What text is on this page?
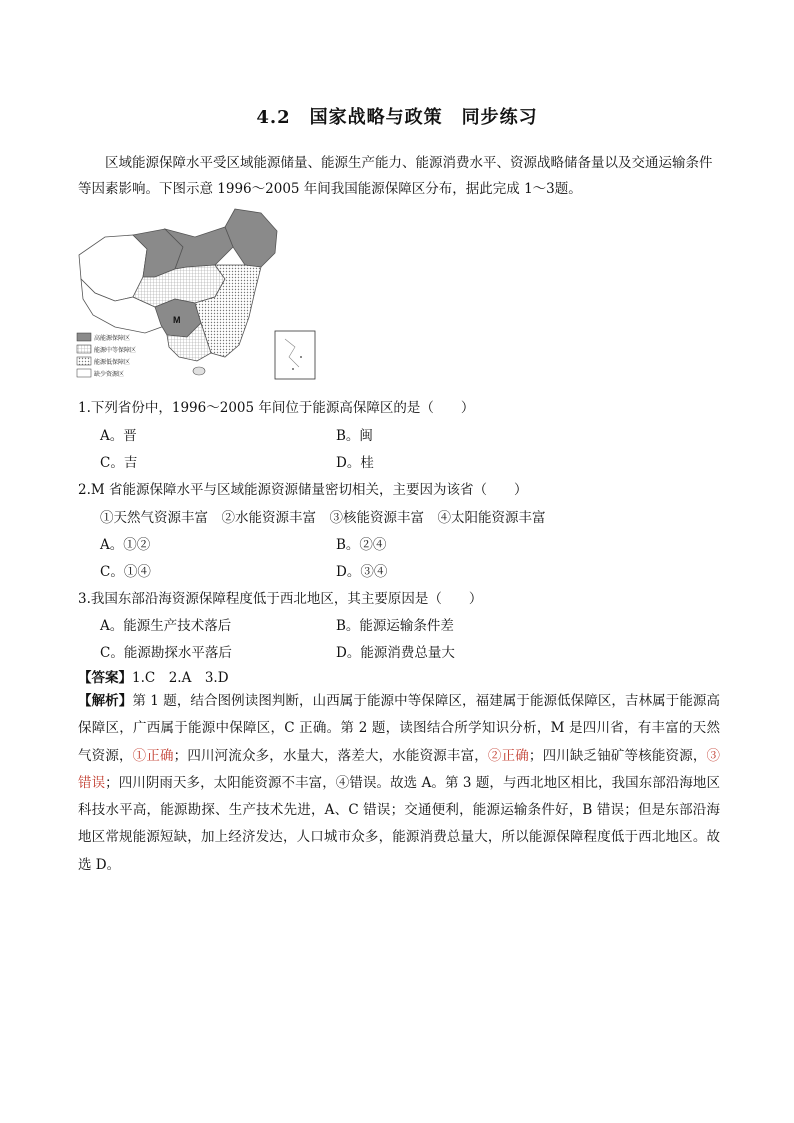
4.2　国家战略与政策　同步练习
区域能源保障水平受区域能源储量、能源生产能力、能源消费水平、资源战略储备量以及交通运输条件等因素影响。下图示意 1996～2005 年间我国能源保障区分布，据此完成 1～3题。
M
高能源保障区
能源中等保障区
能源低保障区
缺少资源区
1.下列省份中，1996～2005 年间位于能源高保障区的是（　　）
A。晋	B。闽
C。吉	D。桂
2.M 省能源保障水平与区域能源资源储量密切相关，主要因为该省（　　）
①天然气资源丰富　②水能资源丰富　③核能资源丰富　④太阳能资源丰富
A。①②	B。②④
C。①④	D。③④
3.我国东部沿海资源保障程度低于西北地区，其主要原因是（　　）
A。能源生产技术落后	B。能源运输条件差
C。能源勘探水平落后	D。能源消费总量大
【答案】1.C　2.A　3.D
【解析】第 1 题，结合图例读图判断，山西属于能源中等保障区，福建属于能源低保障区，吉林属于能源高保障区，广西属于能源中保障区，C 正确。第 2 题，读图结合所学知识分析，M 是四川省，有丰富的天然气资源，①正确；四川河流众多，水量大，落差大，水能资源丰富，②正确；四川缺乏铀矿等核能资源，③错误；四川阴雨天多，太阳能资源不丰富，④错误。故选 A。第 3 题，与西北地区相比，我国东部沿海地区科技水平高，能源勘探、生产技术先进，A、C 错误；交通便利，能源运输条件好，B 错误；但是东部沿海地区常规能源短缺，加上经济发达，人口城市众多，能源消费总量大，所以能源保障程度低于西北地区。故选 D。
